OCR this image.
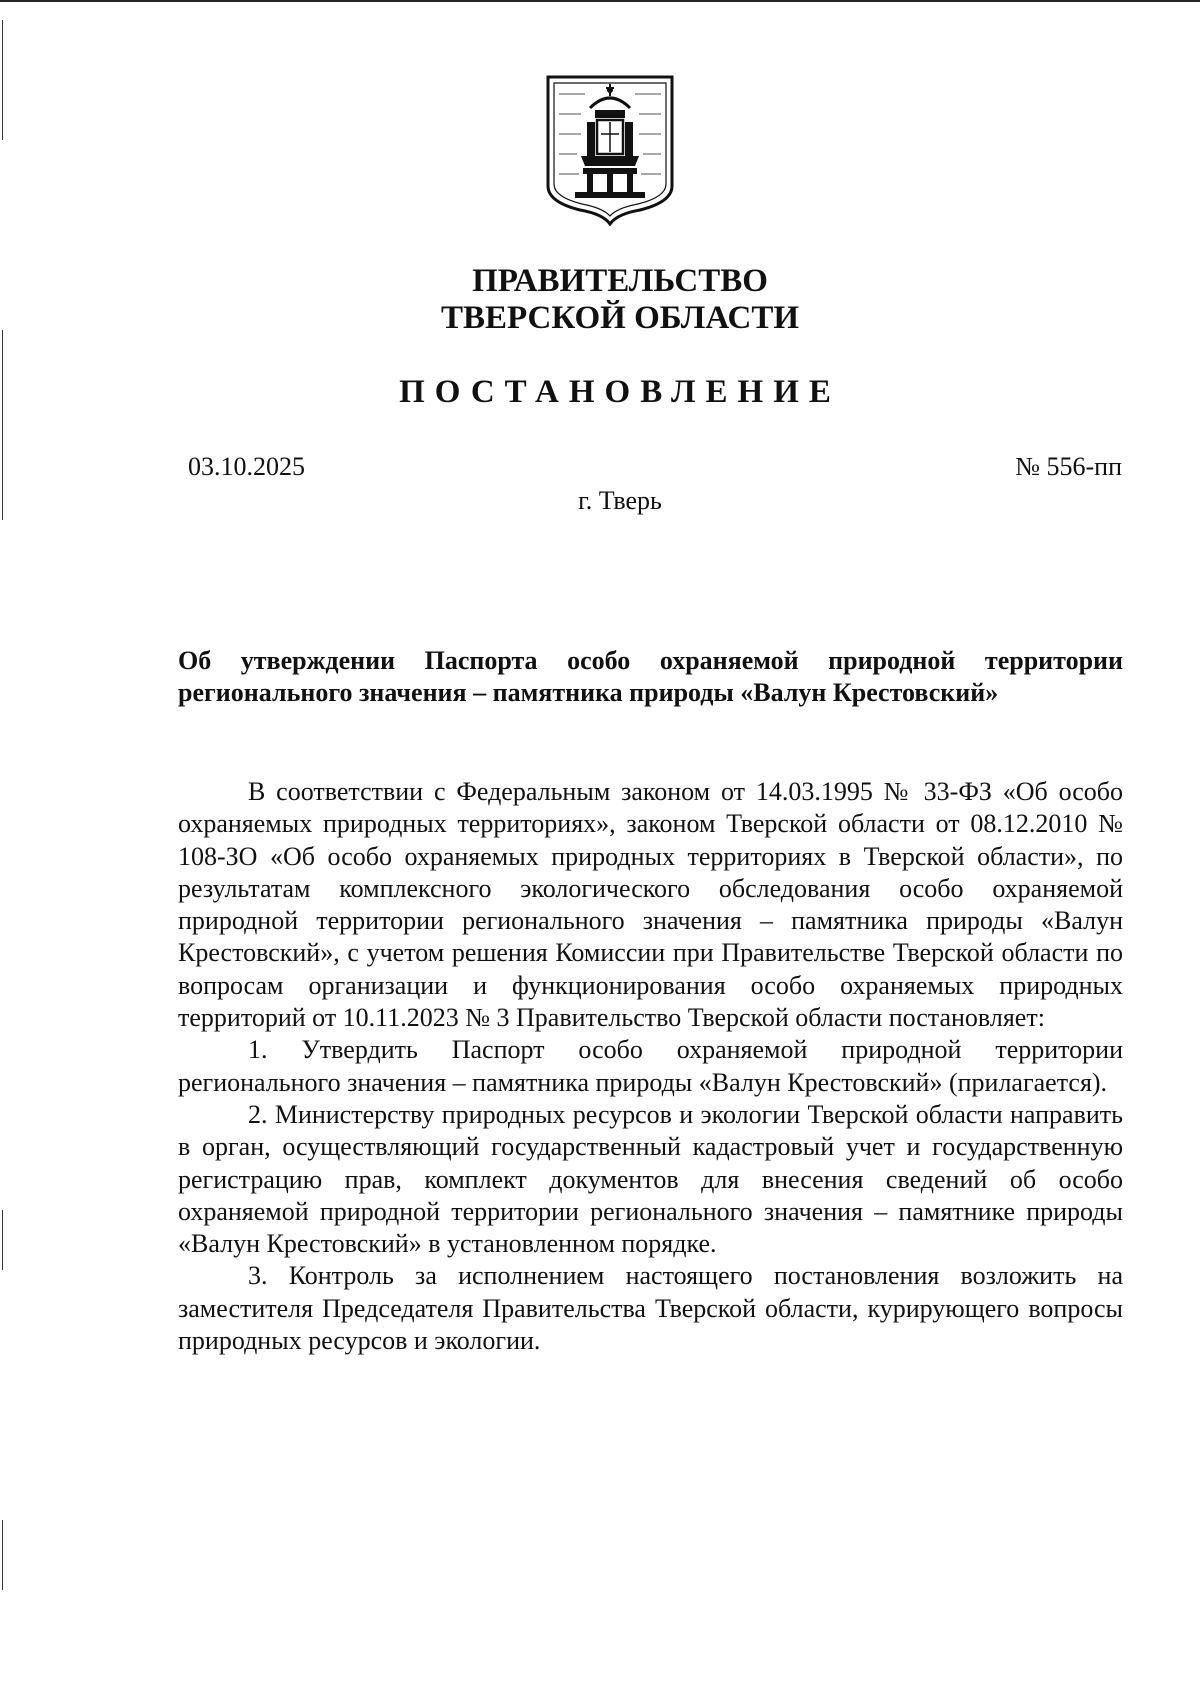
ПРАВИТЕЛЬСТВО
ТВЕРСКОЙ ОБЛАСТИ
ПОСТАНОВЛЕНИЕ
03.10.2025	№ 556-пп
г. Тверь

Об утверждении Паспорта особо охраняемой природной территории регионального значения – памятника природы «Валун Крестовский»

В соответствии с Федеральным законом от 14.03.1995 № 33-ФЗ «Об особо охраняемых природных территориях», законом Тверской области от 08.12.2010 № 108-ЗО «Об особо охраняемых природных территориях в Тверской области», по результатам комплексного экологического обследования особо охраняемой природной территории регионального значения – памятника природы «Валун Крестовский», с учетом решения Комиссии при Правительстве Тверской области по вопросам организации и функционирования особо охраняемых природных территорий от 10.11.2023 № 3 Правительство Тверской области постановляет:

1. Утвердить Паспорт особо охраняемой природной территории регионального значения – памятника природы «Валун Крестовский» (прилагается).

2. Министерству природных ресурсов и экологии Тверской области направить в орган, осуществляющий государственный кадастровый учет и государственную регистрацию прав, комплект документов для внесения сведений об особо охраняемой природной территории регионального значения – памятнике природы «Валун Крестовский» в установленном порядке.

3. Контроль за исполнением настоящего постановления возложить на заместителя Председателя Правительства Тверской области, курирующего вопросы природных ресурсов и экологии.
